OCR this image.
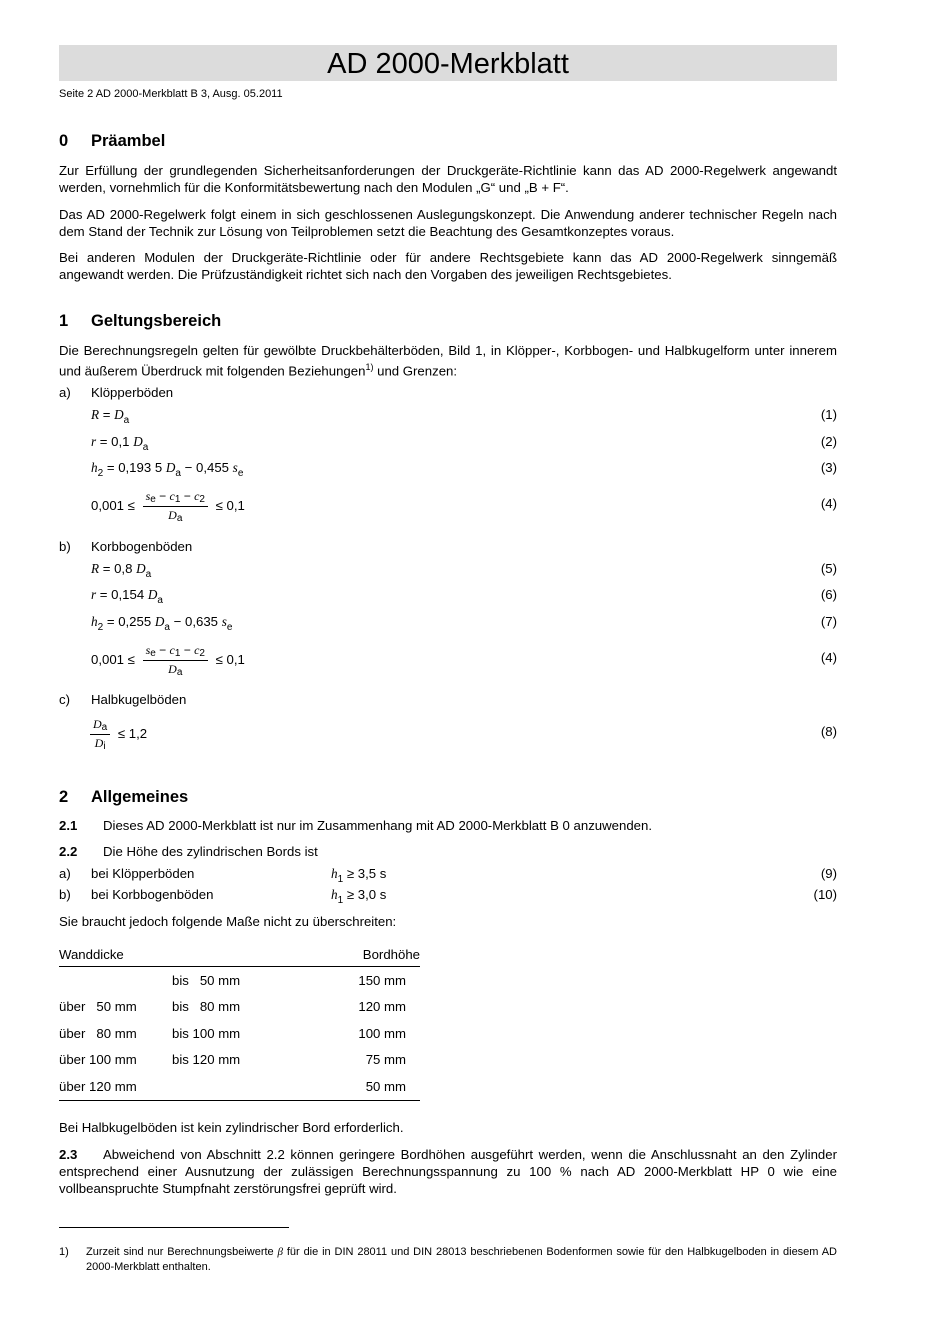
AD 2000-Merkblatt
Seite 2 AD 2000-Merkblatt B 3, Ausg. 05.2011
0 Präambel

Zur Erfüllung der grundlegenden Sicherheitsanforderungen der Druckgeräte-Richtlinie kann das AD 2000-Regelwerk angewandt werden, vornehmlich für die Konformitätsbewertung nach den Modulen „G“ und „B + F“.

Das AD 2000-Regelwerk folgt einem in sich geschlossenen Auslegungskonzept. Die Anwendung anderer technischer Regeln nach dem Stand der Technik zur Lösung von Teilproblemen setzt die Beachtung des Gesamtkonzeptes voraus.

Bei anderen Modulen der Druckgeräte-Richtlinie oder für andere Rechtsgebiete kann das AD 2000-Regelwerk sinngemäß angewandt werden. Die Prüfzuständigkeit richtet sich nach den Vorgaben des jeweiligen Rechtsgebietes.

1 Geltungsbereich

Die Berechnungsregeln gelten für gewölbte Druckbehälterböden, Bild 1, in Klöpper-, Korbbogen- und Halbkugelform unter innerem und äußerem Überdruck mit folgenden Beziehungen$^{1)}$ und Grenzen:

a) Klöpperböden
$R = D_a$	(1)
r = 0,1 $D_a$	(2)
$h_2 = 0,193$ 5 $D_a - 0,455$ $s_e$	(3)
$0,001 \le \frac{se - c1 - c2}{Da} \le 0,1$	(4)
b) Korbbogenböden
R = 0,8 $D_a$	(5)
r = 0,154 $D_a$	(6)
$h_2 = 0,255$ $D_a - 0,635$ $s_e$	(7)
$0,001 \le \frac{se - c1 - c2}{Da} \le 0,1$	(4)
c) Halbkugelböden
$\frac{Da}{Di} \le 1,2$	(8)
2 Allgemeines
2.1 Dieses AD 2000-Merkblatt ist nur im Zusammenhang mit AD 2000-Merkblatt B 0 anzuwenden.
2.2 Die Höhe des zylindrischen Bords ist
a) bei Klöpperböden	$h_1 \ge 3,5$ s	(9)
b) bei Korbbogenböden	$h_1 \ge 3,0$ s	(10)
Sie braucht jedoch folgende Maße nicht zu überschreiten:
Wanddicke		Bordhöhe
	bis   50 mm	150 mm
über   50 mm	bis   80 mm	120 mm
über   80 mm	bis 100 mm	100 mm
über 100 mm	bis 120 mm	75 mm
über 120 mm		50 mm
Bei Halbkugelböden ist kein zylindrischer Bord erforderlich.

2.3 Abweichend von Abschnitt 2.2 können geringere Bordhöhen ausgeführt werden, wenn die Anschlussnaht an den Zylinder entsprechend einer Ausnutzung der zulässigen Berechnungsspannung zu 100 % nach AD 2000-Merkblatt HP 0 wie eine vollbeanspruchte Stumpfnaht zerstörungsfrei geprüft wird.

1) Zurzeit sind nur Berechnungsbeiwerte β für die in DIN 28011 und DIN 28013 beschriebenen Bodenformen sowie für den Halbkugelboden in diesem AD 2000-Merkblatt enthalten.
